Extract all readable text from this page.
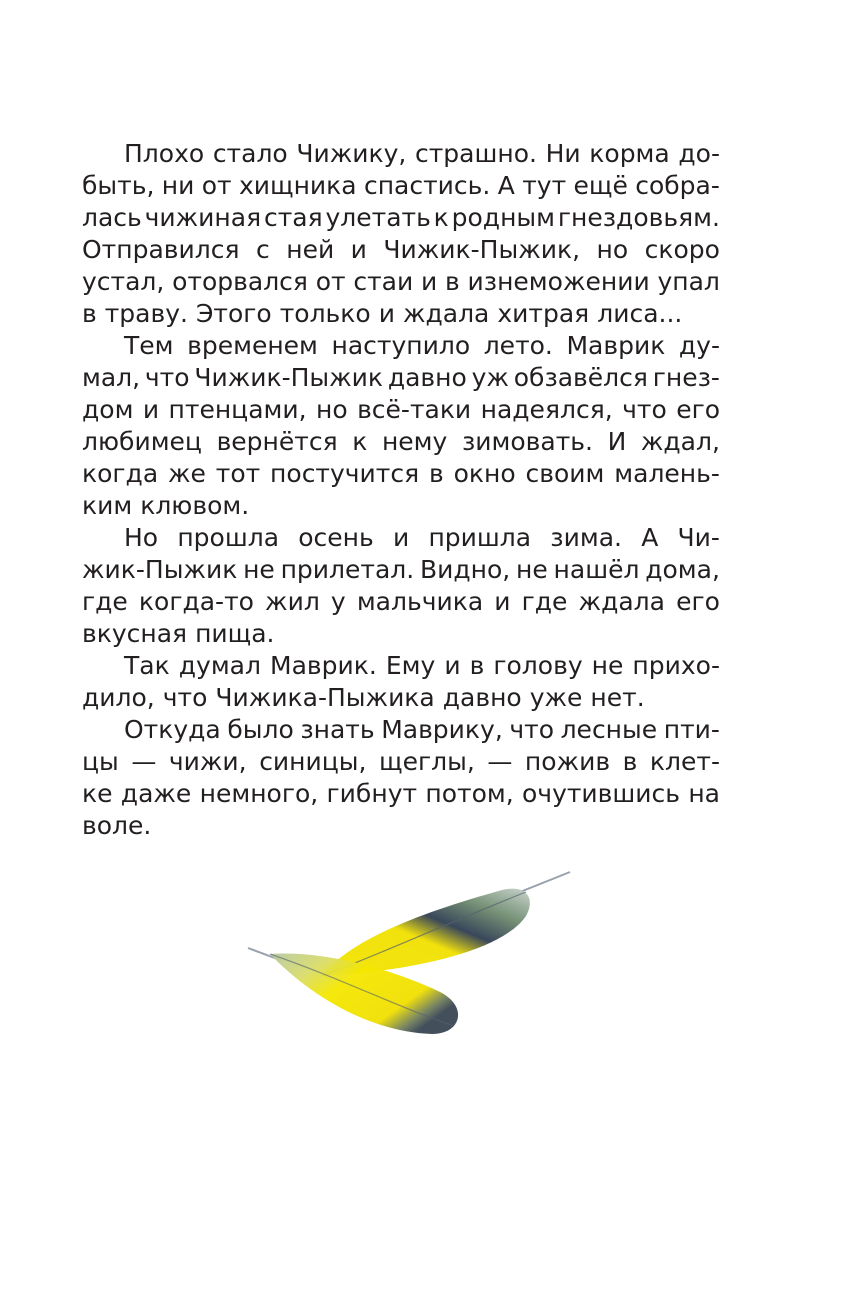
Плохо стало Чижику, страшно. Ни корма до-
быть, ни от хищника спастись. А тут ещё собра-
лась чижиная стая улетать к родным гнездовьям.
Отправился с ней и Чижик-Пыжик, но скоро
устал, оторвался от стаи и в изнеможении упал
в траву. Этого только и ждала хитрая лиса...
Тем временем наступило лето. Маврик ду-
мал, что Чижик-Пыжик давно уж обзавёлся гнез-
дом и птенцами, но всё-таки надеялся, что его
любимец вернётся к нему зимовать. И ждал,
когда же тот постучится в окно своим малень-
ким клювом.
Но прошла осень и пришла зима. А Чи-
жик-Пыжик не прилетал. Видно, не нашёл дома,
где когда-то жил у мальчика и где ждала его
вкусная пища.
Так думал Маврик. Ему и в голову не прихо-
дило, что Чижика-Пыжика давно уже нет.
Откуда было знать Маврику, что лесные пти-
цы — чижи, синицы, щеглы, — пожив в клет-
ке даже немного, гибнут потом, очутившись на
воле.
